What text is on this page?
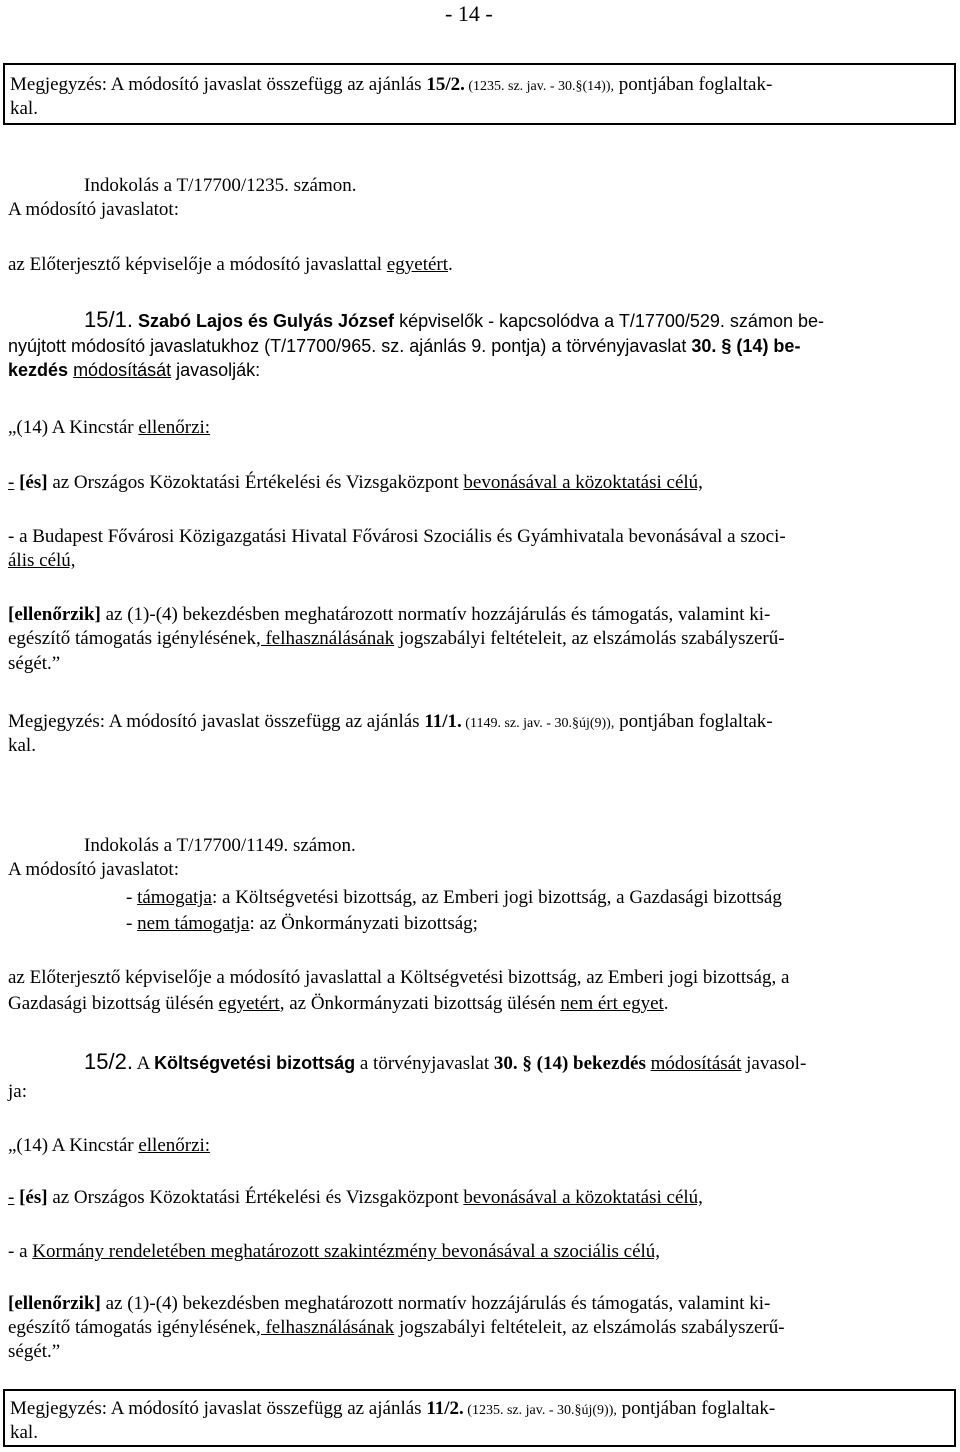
- 14 -
Megjegyzés: A módosító javaslat összefügg az ajánlás 15/2. (1235. sz. jav. - 30.§(14)), pontjában foglaltak-
kal.
Indokolás a T/17700/1235. számon.
A módosító javaslatot:
az Előterjesztő képviselője a módosító javaslattal egyetért.
15/1. Szabó Lajos és Gulyás József képviselők - kapcsolódva a T/17700/529. számon be-
nyújtott módosító javaslatukhoz (T/17700/965. sz. ajánlás 9. pontja) a törvényjavaslat 30. § (14) be-
kezdés módosítását javasolják:
„(14) A Kincstár ellenőrzi:
- [és] az Országos Közoktatási Értékelési és Vizsgaközpont bevonásával a közoktatási célú,
- a Budapest Fővárosi Közigazgatási Hivatal Fővárosi Szociális és Gyámhivatala bevonásával a szoci-
ális célú,
[ellenőrzik] az (1)-(4) bekezdésben meghatározott normatív hozzájárulás és támogatás, valamint ki-
egészítő támogatás igénylésének, felhasználásának jogszabályi feltételeit, az elszámolás szabályszerű-
ségét.”
Megjegyzés: A módosító javaslat összefügg az ajánlás 11/1. (1149. sz. jav. - 30.§új(9)), pontjában foglaltak-
kal.
Indokolás a T/17700/1149. számon.
A módosító javaslatot:
- támogatja: a Költségvetési bizottság, az Emberi jogi bizottság, a Gazdasági bizottság
- nem támogatja: az Önkormányzati bizottság;
az Előterjesztő képviselője a módosító javaslattal a Költségvetési bizottság, az Emberi jogi bizottság, a
Gazdasági bizottság ülésén egyetért, az Önkormányzati bizottság ülésén nem ért egyet.
15/2. A Költségvetési bizottság a törvényjavaslat 30. § (14) bekezdés módosítását javasol-
ja:
„(14) A Kincstár ellenőrzi:
- [és] az Országos Közoktatási Értékelési és Vizsgaközpont bevonásával a közoktatási célú,
- a Kormány rendeletében meghatározott szakintézmény bevonásával a szociális célú,
[ellenőrzik] az (1)-(4) bekezdésben meghatározott normatív hozzájárulás és támogatás, valamint ki-
egészítő támogatás igénylésének, felhasználásának jogszabályi feltételeit, az elszámolás szabályszerű-
ségét.”
Megjegyzés: A módosító javaslat összefügg az ajánlás 11/2. (1235. sz. jav. - 30.§új(9)), pontjában foglaltak-
kal.
